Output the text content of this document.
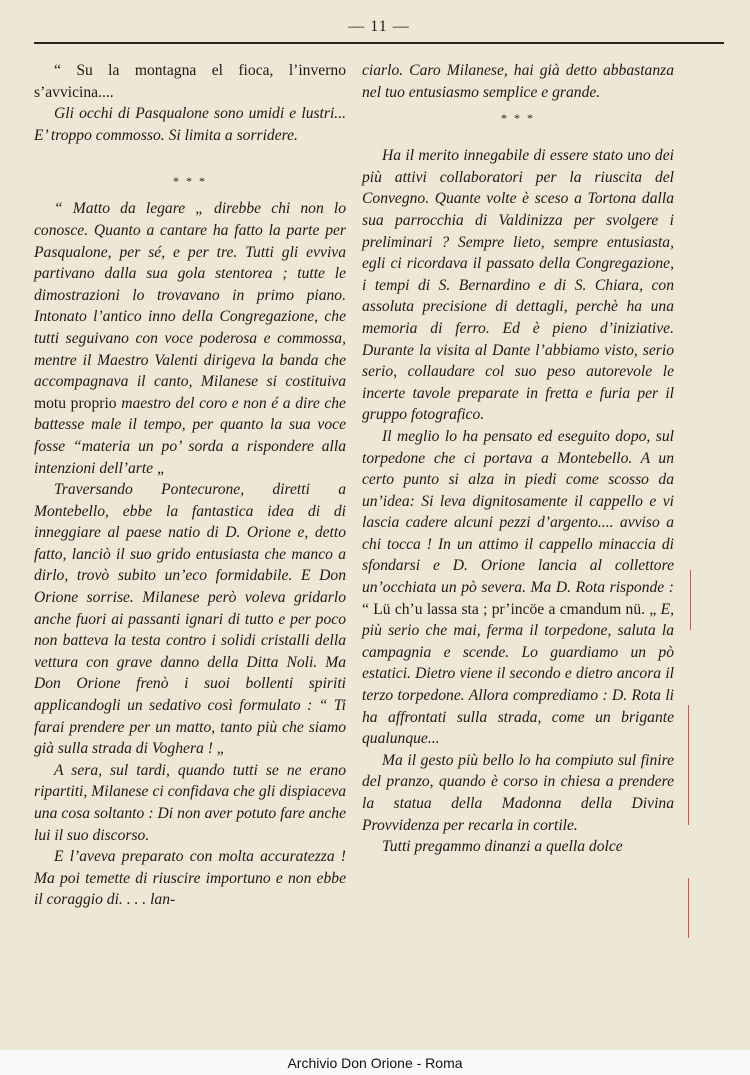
— 11 —

“ Su la montagna el fioca, l’inverno s’avvicina....

Gli occhi di Pasqualone sono umidi e lustri... E’ troppo commosso. Si limita a sorridere.

* * *

“ Matto da legare „ direbbe chi non lo conosce. Quanto a cantare ha fatto la parte per Pasqualone, per sé, e per tre. Tutti gli evviva partivano dalla sua gola stentorea ; tutte le dimostrazioni lo trovavano in primo piano. Intonato l’antico inno della Congregazione, che tutti seguivano con voce poderosa e commossa, mentre il Maestro Valenti dirigeva la banda che accompagnava il canto, Milanese si costituiva motu proprio maestro del coro e non é a dire che battesse male il tempo, per quanto la sua voce fosse “materia un po’ sorda a rispondere alla intenzioni dell’arte „

Traversando Pontecurone, diretti a Montebello, ebbe la fantastica idea di di inneggiare al paese natio di D. Orione e, detto fatto, lanciò il suo grido entusiasta che manco a dirlo, trovò subito un’eco formidabile. E Don Orione sorrise. Milanese però voleva gridarlo anche fuori ai passanti ignari di tutto e per poco non batteva la testa contro i solidi cristalli della vettura con grave danno della Ditta Noli. Ma Don Orione frenò i suoi bollenti spiriti applicandogli un sedativo così formulato : “ Ti farai prendere per un matto, tanto più che siamo già sulla strada di Voghera ! „

A sera, sul tardi, quando tutti se ne erano ripartiti, Milanese ci confidava che gli dispiaceva una cosa soltanto : Di non aver potuto fare anche lui il suo discorso.

E l’aveva preparato con molta accuratezza ! Ma poi temette di riuscire importuno e non ebbe il coraggio di. . . . lan-

ciarlo. Caro Milanese, hai già detto abbastanza nel tuo entusiasmo semplice e grande.

* * *

Ha il merito innegabile di essere stato uno dei più attivi collaboratori per la riuscita del Convegno. Quante volte è sceso a Tortona dalla sua parrocchia di Valdinizza per svolgere i preliminari ? Sempre lieto, sempre entusiasta, egli ci ricordava il passato della Congregazione, i tempi di S. Bernardino e di S. Chiara, con assoluta precisione di dettagli, perchè ha una memoria di ferro. Ed è pieno d’iniziative. Durante la visita al Dante l’abbiamo visto, serio serio, collaudare col suo peso autorevole le incerte tavole preparate in fretta e furia per il gruppo fotografico.

Il meglio lo ha pensato ed eseguito dopo, sul torpedone che ci portava a Montebello. A un certo punto si alza in piedi come scosso da un’idea: Si leva dignitosamente il cappello e vi lascia cadere alcuni pezzi d’argento.... avviso a chi tocca ! In un attimo il cappello minaccia di sfondarsi e D. Orione lancia al collettore un’occhiata un pò severa. Ma D. Rota risponde : “ Lü ch’u lassa sta ; pr’incöe a cmandum nü. „ E, più serio che mai, ferma il torpedone, saluta la campagnia e scende. Lo guardiamo un pò estatici. Dietro viene il secondo e dietro ancora il terzo torpedone. Allora comprediamo : D. Rota li ha affrontati sulla strada, come un brigante qualunque...

Ma il gesto più bello lo ha compiuto sul finire del pranzo, quando è corso in chiesa a prendere la statua della Madonna della Divina Provvidenza per recarla in cortile.

Tutti pregammo dinanzi a quella dolce

Archivio Don Orione - Roma
